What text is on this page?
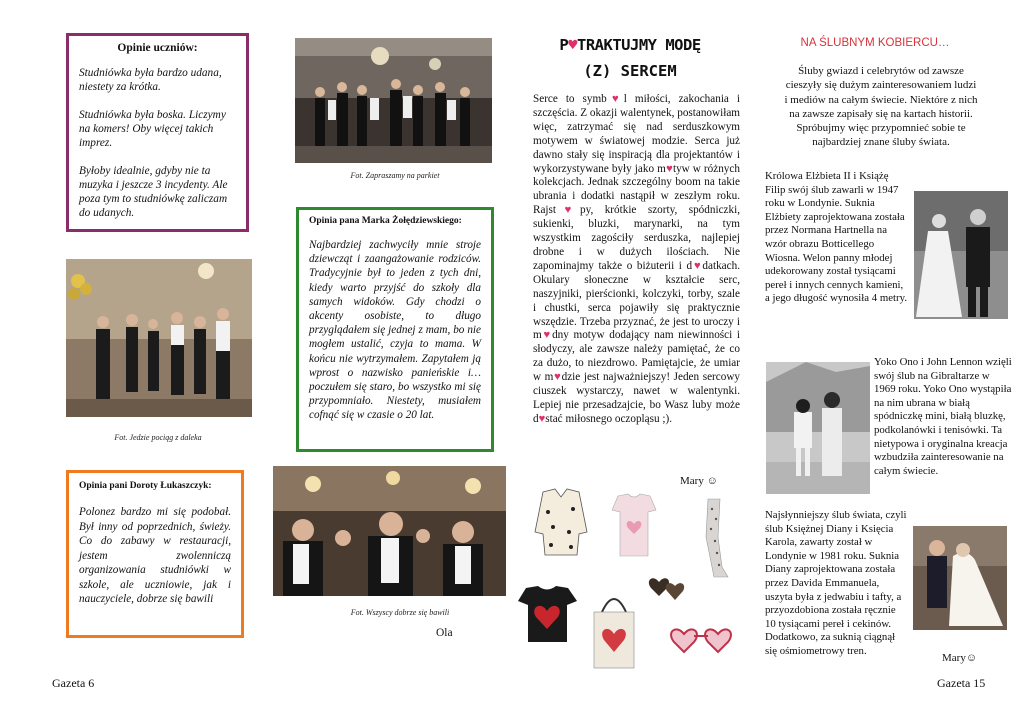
Opinie uczniów:

Studniówka była bardzo udana, niestety za krótka.

Studniówka była boska. Liczymy na komers! Oby więcej takich imprez.

Byłoby idealnie, gdyby nie ta muzyka i jeszcze 3 incydenty. Ale poza tym to studniówkę zaliczam do udanych.

Fot. Zapraszamy na parkiet
Fot. Jedzie pociąg z daleka
Opinia pana Marka Żołędziewskiego:

Najbardziej zachwyciły mnie stroje dziewcząt i zaangażowanie rodziców. Tradycyjnie był to jeden z tych dni, kiedy warto przyjść do szkoły dla samych widoków. Gdy chodzi o akcenty osobiste, to długo przyglądałem się jednej z mam, bo nie mogłem ustalić, czyja to mama. W końcu nie wytrzymałem. Zapytałem ją wprost o nazwisko panieńskie i… poczułem się staro, bo wszystko mi się przypomniało. Niestety, musiałem cofnąć się w czasie o 20 lat.

Opinia pani Doroty Łukaszczyk:

Polonez bardzo mi się podobał. Był inny od poprzednich, świeży. Co do zabawy w restauracji, jestem zwolenniczą organizowania studniówki w szkole, ale uczniowie, jak i nauczyciele, dobrze się bawili

Fot. Wszyscy dobrze się bawili
Ola
Gazeta 6
P♥TRAKTUJMY MODĘ
(Z) SERCEM
Serce to symb♥l miłości, zakochania i szczęścia. Z okazji walentynek, postanowiłam więc, zatrzymać się nad serduszkowym motywem w światowej modzie. Serca już dawno stały się inspiracją dla projektantów i wykorzystywane były jako m♥tyw w różnych kolekcjach. Jednak szczególny boom na takie ubrania i dodatki nastąpił w zeszłym roku. Rajst♥py, krótkie szorty, spódniczki, sukienki, bluzki, marynarki, na tym wszystkim zagościły serduszka, najlepiej drobne i w dużych ilościach. Nie zapominajmy także o biżuterii i d♥datkach. Okulary słoneczne w kształcie serc, naszyjniki, pierścionki, kolczyki, torby, szale i chustki, serca pojawiły się praktycznie wszędzie. Trzeba przyznać, że jest to uroczy i m♥dny motyw dodający nam niewinności i słodyczy, ale zawsze należy pamiętać, że co za dużo, to niezdrowo. Pamiętajcie, że umiar w m♥dzie jest najważniejszy! Jeden sercowy ciuszek wystarczy, nawet w walentynki. Lepiej nie przesadzajcie, bo Wasz luby może d♥stać miłosnego oczopląsu ;).
Mary ☺
NA ŚLUBNYM KOBIERCU…
Śluby gwiazd i celebrytów od zawsze cieszyły się dużym zainteresowaniem ludzi i mediów na całym świecie. Niektóre z nich na zawsze zapisały się na kartach historii. Spróbujmy więc przypomnieć sobie te najbardziej znane śluby świata.
Królowa Elżbieta II i Książę Filip swój ślub zawarli w 1947 roku w Londynie. Suknia Elżbiety zaprojektowana została przez Normana Hartnella na wzór obrazu Botticellego Wiosna. Welon panny młodej udekorowany został tysiącami pereł i innych cennych kamieni, a jego długość wynosiła 4 metry.
Yoko Ono i John Lennon wzięli swój ślub na Gibraltarze w 1969 roku. Yoko Ono wystąpiła na nim ubrana w białą spódniczkę mini, białą bluzkę, podkolanówki i tenisówki. Ta nietypowa i oryginalna kreacja wzbudziła zainteresowanie na całym świecie.
Najsłynniejszy ślub świata, czyli ślub Księżnej Diany i Księcia Karola, zawarty został w Londynie w 1981 roku. Suknia Diany zaprojektowana została przez Davida Emmanuela, uszyta była z jedwabiu i tafty, a przyozdobiona została ręcznie 10 tysiącami pereł i cekinów. Dodatkowo, za suknią ciągnął się ośmiometrowy tren.
Mary☺
Gazeta 15
